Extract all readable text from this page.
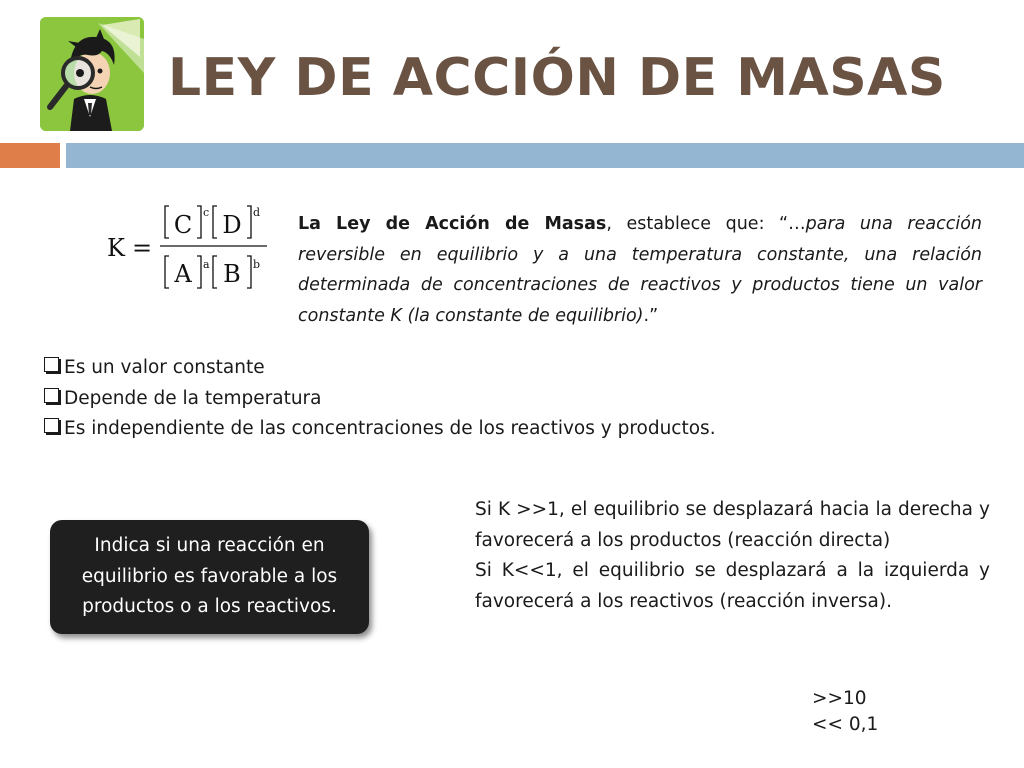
LEY DE ACCIÓN DE MASAS
K =
C c D d
A a B b
La Ley de Acción de Masas, establece que: “…para una reacción reversible en equilibrio y a una temperatura constante, una relación determinada de concentraciones de reactivos y productos tiene un valor constante K (la constante de equilibrio).”
Es un valor constante
Depende de la temperatura
Es independiente de las concentraciones de los reactivos y productos.
Indica si una reacción en equilibrio es favorable a los productos o a los reactivos.

Si K >>1, el equilibrio se desplazará hacia la derecha y favorecerá a los productos (reacción directa)

Si K<<1, el equilibrio se desplazará a la izquierda y favorecerá a los reactivos (reacción inversa).

>>10
<< 0,1
